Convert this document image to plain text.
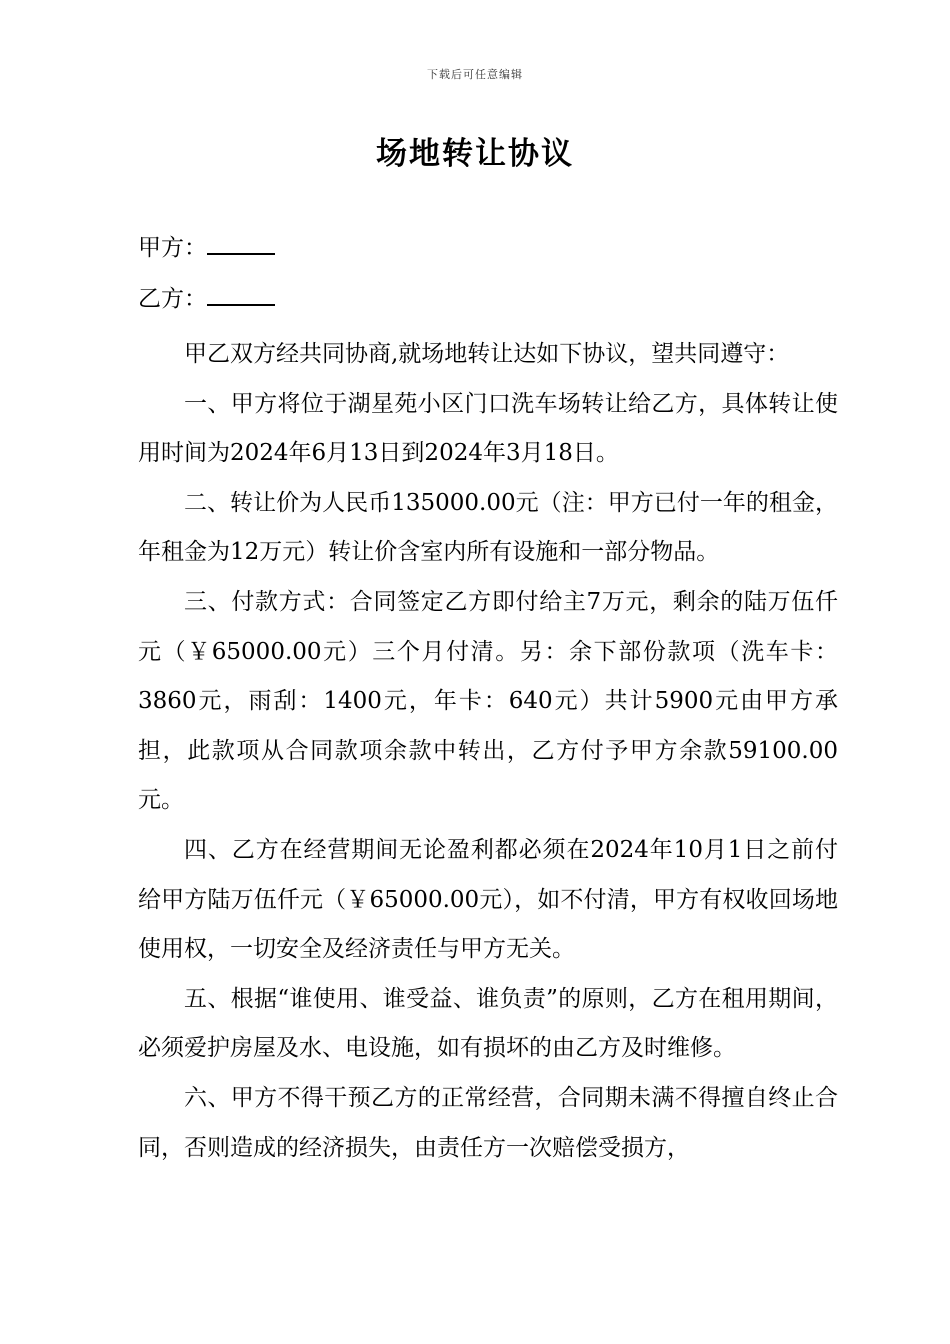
下载后可任意编辑
场地转让协议
甲方：
乙方：

甲乙双方经共同协商,就场地转让达如下协议，望共同遵守：

一、甲方将位于湖星苑小区门口洗车场转让给乙方，具体转让使用时间为2024年6月13日到2024年3月18日。

二、转让价为人民币135000.00元（注：甲方已付一年的租金，年租金为12万元）转让价含室内所有设施和一部分物品。

三、付款方式：合同签定乙方即付给主7万元，剩余的陆万伍仟元（￥65000.00元）三个月付清。另：余下部份款项（洗车卡：3860元，雨刮：1400元，年卡：640元）共计5900元由甲方承担，此款项从合同款项余款中转出，乙方付予甲方余款59100.00元。

四、乙方在经营期间无论盈利都必须在2024年10月1日之前付给甲方陆万伍仟元（￥65000.00元），如不付清，甲方有权收回场地使用权，一切安全及经济责任与甲方无关。

五、根据“谁使用、谁受益、谁负责”的原则，乙方在租用期间，必须爱护房屋及水、电设施，如有损坏的由乙方及时维修。

六、甲方不得干预乙方的正常经营，合同期未满不得擅自终止合同，否则造成的经济损失，由责任方一次赔偿受损方，
